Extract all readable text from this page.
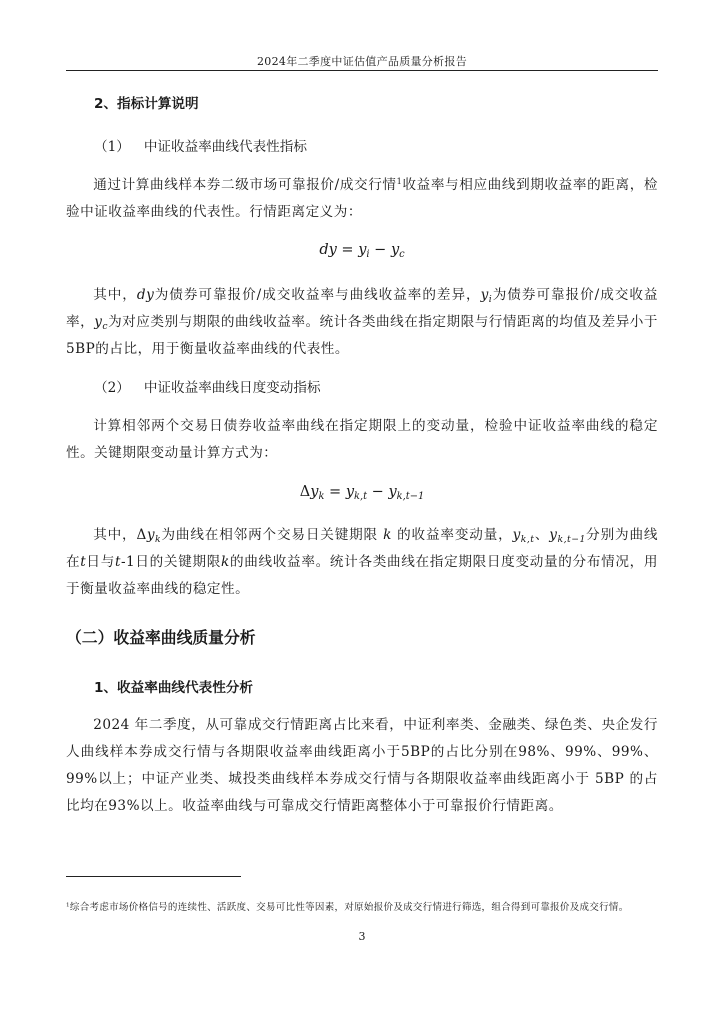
2024年二季度中证估值产品质量分析报告
2、指标计算说明
（1） 中证收益率曲线代表性指标
通过计算曲线样本券二级市场可靠报价/成交行情$^1$收益率与相应曲线到期收益率的距离，检验中证收益率曲线的代表性。行情距离定义为：
dy = $y_i - y_c$
其中，dy为债券可靠报价/成交收益率与曲线收益率的差异，$y_i$为债券可靠报价/成交收益率，$y_c$为对应类别与期限的曲线收益率。统计各类曲线在指定期限与行情距离的均值及差异小于5BP的占比，用于衡量收益率曲线的代表性。
（2） 中证收益率曲线日度变动指标
计算相邻两个交易日债券收益率曲线在指定期限上的变动量，检验中证收益率曲线的稳定性。关键期限变动量计算方式为：
$\Delta y_k = y_{k,t} - y_{k,t-1}$
其中，$\Delta y_k$为曲线在相邻两个交易日关键期限 k 的收益率变动量，$y_{k,t}$、$y_{k,t-1}$分别为曲线在t日与t-1日的关键期限k的曲线收益率。统计各类曲线在指定期限日度变动量的分布情况，用于衡量收益率曲线的稳定性。
（二）收益率曲线质量分析
1、收益率曲线代表性分析
2024 年二季度，从可靠成交行情距离占比来看，中证利率类、金融类、绿色类、央企发行人曲线样本券成交行情与各期限收益率曲线距离小于5BP的占比分别在98%、99%、99%、99%以上；中证产业类、城投类曲线样本券成交行情与各期限收益率曲线距离小于 5BP 的占比均在93%以上。收益率曲线与可靠成交行情距离整体小于可靠报价行情距离。
$^1$综合考虑市场价格信号的连续性、活跃度、交易可比性等因素，对原始报价及成交行情进行筛选，组合得到可靠报价及成交行情。
3
